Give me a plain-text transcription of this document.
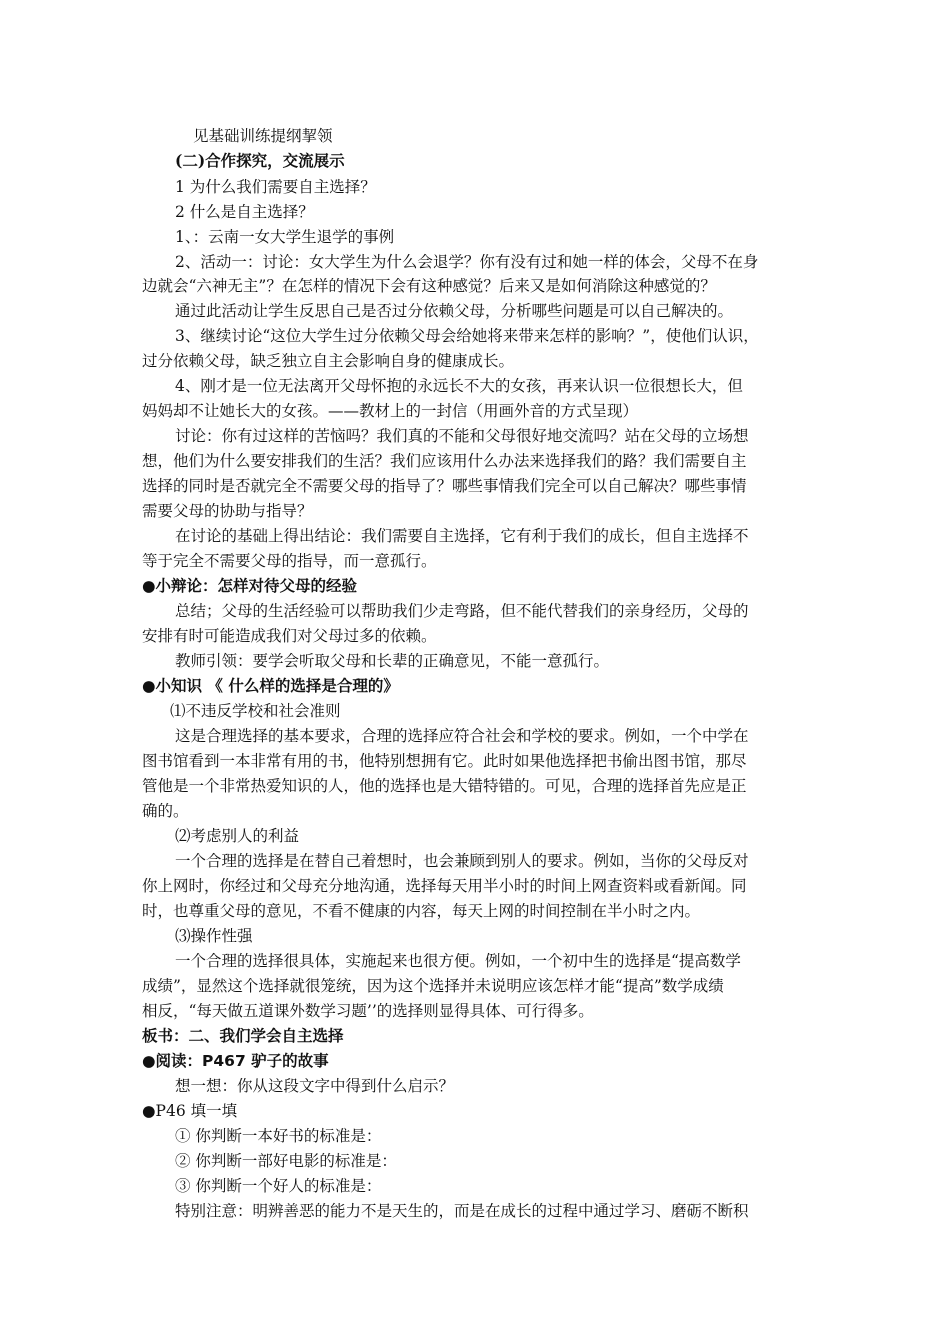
见基础训练提纲挈领
(二)合作探究，交流展示
1 为什么我们需要自主选择？
2 什么是自主选择？
1、：云南一女大学生退学的事例
2、活动一：讨论：女大学生为什么会退学？你有没有过和她一样的体会，父母不在身
边就会“六神无主”？在怎样的情况下会有这种感觉？后来又是如何消除这种感觉的？
通过此活动让学生反思自己是否过分依赖父母，分析哪些问题是可以自己解决的。
3、继续讨论“这位大学生过分依赖父母会给她将来带来怎样的影响？”，使他们认识，
过分依赖父母，缺乏独立自主会影响自身的健康成长。
4、刚才是一位无法离开父母怀抱的永远长不大的女孩，再来认识一位很想长大，但
妈妈却不让她长大的女孩。——教材上的一封信（用画外音的方式呈现）
讨论：你有过这样的苦恼吗？我们真的不能和父母很好地交流吗？站在父母的立场想
想，他们为什么要安排我们的生活？我们应该用什么办法来选择我们的路？我们需要自主
选择的同时是否就完全不需要父母的指导了？哪些事情我们完全可以自己解决？哪些事情
需要父母的协助与指导？
在讨论的基础上得出结论：我们需要自主选择，它有利于我们的成长，但自主选择不
等于完全不需要父母的指导，而一意孤行。
●小辩论：怎样对待父母的经验
总结；父母的生活经验可以帮助我们少走弯路，但不能代替我们的亲身经历，父母的
安排有时可能造成我们对父母过多的依赖。
教师引领：要学会听取父母和长辈的正确意见，不能一意孤行。
●小知识 《 什么样的选择是合理的》
⑴不违反学校和社会准则
这是合理选择的基本要求，合理的选择应符合社会和学校的要求。例如，一个中学在
图书馆看到一本非常有用的书，他特别想拥有它。此时如果他选择把书偷出图书馆，那尽
管他是一个非常热爱知识的人，他的选择也是大错特错的。可见，合理的选择首先应是正
确的。
⑵考虑别人的利益
一个合理的选择是在替自己着想时，也会兼顾到别人的要求。例如，当你的父母反对
你上网时，你经过和父母充分地沟通，选择每天用半小时的时间上网查资料或看新闻。同
时，也尊重父母的意见，不看不健康的内容，每天上网的时间控制在半小时之内。
⑶操作性强
一个合理的选择很具体，实施起来也很方便。例如，一个初中生的选择是“提高数学
成绩”，显然这个选择就很笼统，因为这个选择并未说明应该怎样才能“提高”数学成绩
相反，“每天做五道课外数学习题’’的选择则显得具体、可行得多。
板书：二、我们学会自主选择
●阅读：P467 驴子的故事
想一想：你从这段文字中得到什么启示？
●P46 填一填
① 你判断一本好书的标准是：
② 你判断一部好电影的标准是：
③ 你判断一个好人的标准是：
特别注意：明辨善恶的能力不是天生的，而是在成长的过程中通过学习、磨砺不断积
